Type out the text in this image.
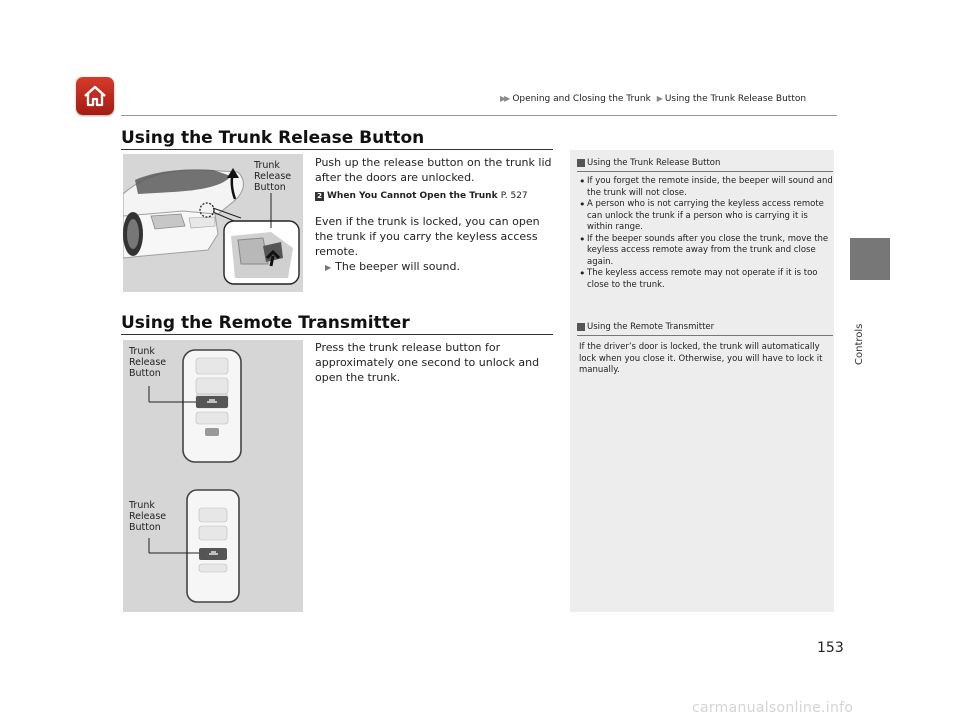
▶▶ Opening and Closing the Trunk ▶ Using the Trunk Release Button
Controls
Using the Trunk Release Button
Trunk
Release
Button

Push up the release button on the trunk lid after the doors are unlocked.

2 When You Cannot Open the Trunk P. 527

Even if the trunk is locked, you can open the trunk if you carry the keyless access remote.

▶ The beeper will sound.
Using the Remote Transmitter
Trunk
Release
Button
Trunk
Release
Button

Press the trunk release button for approximately one second to unlock and open the trunk.

Using the Trunk Release Button
• If you forget the remote inside, the beeper will sound and the trunk will not close.
• A person who is not carrying the keyless access remote can unlock the trunk if a person who is carrying it is within range.
• If the beeper sounds after you close the trunk, move the keyless access remote away from the trunk and close again.
• The keyless access remote may not operate if it is too close to the trunk.
Using the Remote Transmitter
If the driver’s door is locked, the trunk will automatically lock when you close it. Otherwise, you will have to lock it manually.
153
carmanualsonline.info
